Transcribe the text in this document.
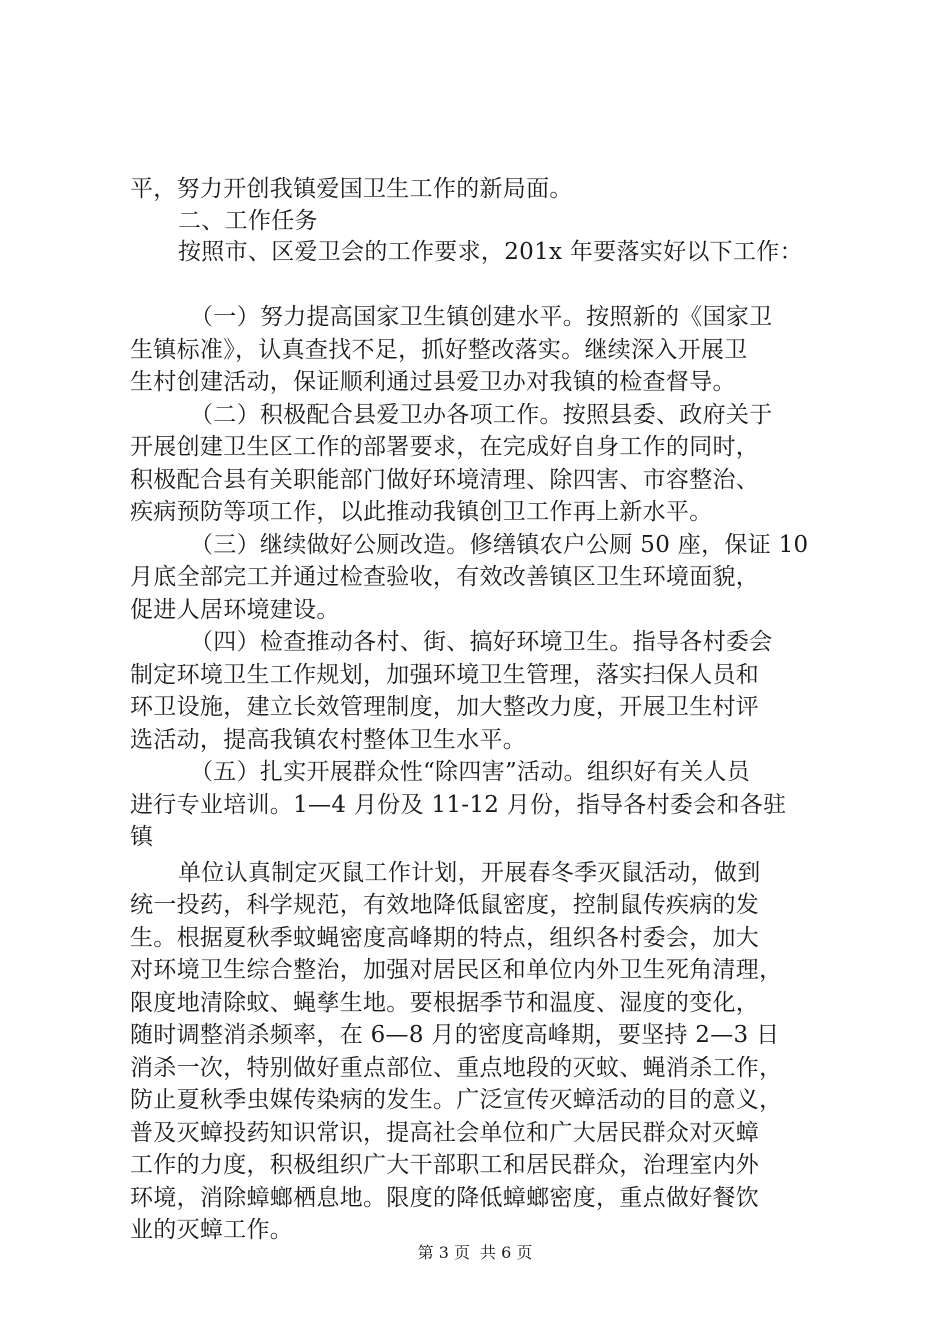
平，努力开创我镇爱国卫生工作的新局面。
二、工作任务
按照市、区爱卫会的工作要求，201x 年要落实好以下工作：
（一）努力提高国家卫生镇创建水平。按照新的《国家卫
生镇标准》，认真查找不足，抓好整改落实。继续深入开展卫
生村创建活动，保证顺利通过县爱卫办对我镇的检查督导。
（二）积极配合县爱卫办各项工作。按照县委、政府关于
开展创建卫生区工作的部署要求，在完成好自身工作的同时，
积极配合县有关职能部门做好环境清理、除四害、市容整治、
疾病预防等项工作，以此推动我镇创卫工作再上新水平。
（三）继续做好公厕改造。修缮镇农户公厕 50 座，保证 10
月底全部完工并通过检查验收，有效改善镇区卫生环境面貌，
促进人居环境建设。
（四）检查推动各村、街、搞好环境卫生。指导各村委会
制定环境卫生工作规划，加强环境卫生管理，落实扫保人员和
环卫设施，建立长效管理制度，加大整改力度，开展卫生村评
选活动，提高我镇农村整体卫生水平。
（五）扎实开展群众性“除四害”活动。组织好有关人员
进行专业培训。1—4 月份及 11-12 月份，指导各村委会和各驻
镇
单位认真制定灭鼠工作计划，开展春冬季灭鼠活动，做到
统一投药，科学规范，有效地降低鼠密度，控制鼠传疾病的发
生。根据夏秋季蚊蝇密度高峰期的特点，组织各村委会，加大
对环境卫生综合整治，加强对居民区和单位内外卫生死角清理，
限度地清除蚊、蝇孳生地。要根据季节和温度、湿度的变化，
随时调整消杀频率，在 6—8 月的密度高峰期，要坚持 2—3 日
消杀一次，特别做好重点部位、重点地段的灭蚊、蝇消杀工作，
防止夏秋季虫媒传染病的发生。广泛宣传灭蟑活动的目的意义，
普及灭蟑投药知识常识，提高社会单位和广大居民群众对灭蟑
工作的力度，积极组织广大干部职工和居民群众，治理室内外
环境，消除蟑螂栖息地。限度的降低蟑螂密度，重点做好餐饮
业的灭蟑工作。
第 3 页 共 6 页
